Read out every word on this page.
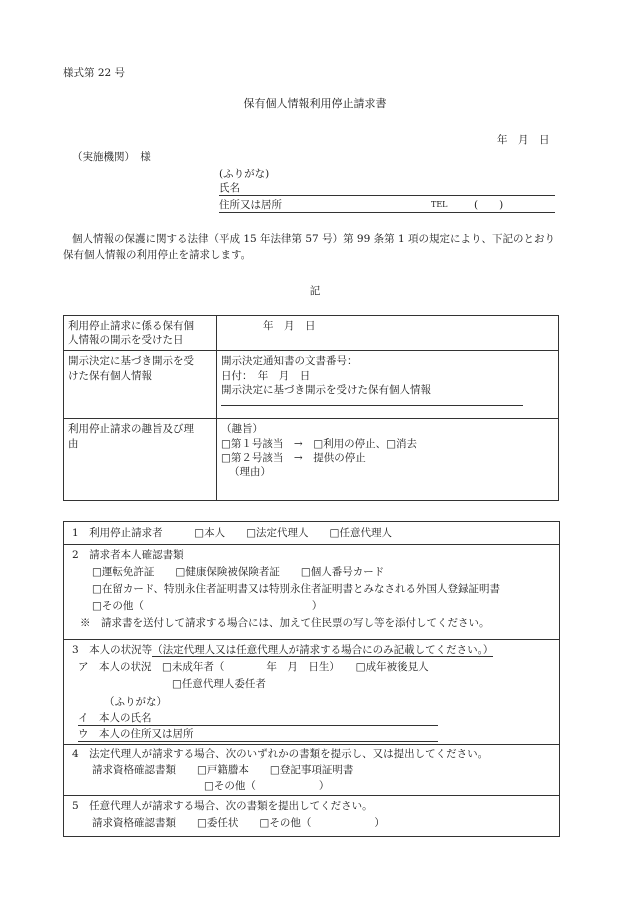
様式第 22 号
保有個人情報利用停止請求書
年　月　日
（実施機関）　様
(ふりがな)
氏名
住所又は居所	TEL	(　　)
個人情報の保護に関する法律（平成 15 年法律第 57 号）第 99 条第 1 項の規定により、下記のとおり
保有個人情報の利用停止を請求します。
記
利用停止請求に係る保有個
人情報の開示を受けた日	年　月　日

開示決定に基づき開示を受
けた保有個人情報	開示決定通知書の文書番号：
日付：　年　月　日
開示決定に基づき開示を受けた保有個人情報

利用停止請求の趣旨及び理
由	（趣旨）
□第１号該当　→　□利用の停止、□消去
□第２号該当　→　提供の停止
（理由）
1　利用停止請求者　　　□本人　　□法定代理人　　□任意代理人
2　請求者本人確認書類
□運転免許証　　□健康保険被保険者証　　□個人番号カード
□在留カード、特別永住者証明書又は特別永住者証明書とみなされる外国人登録証明書
□その他（　　　　　　　　　　　　　　　　）
※　請求書を送付して請求する場合には、加えて住民票の写し等を添付してください。
3　本人の状況等（法定代理人又は任意代理人が請求する場合にのみ記載してください。）
ア　本人の状況　□未成年者（　　　　年　月　日生）　　□成年被後見人
□任意代理人委任者
（ふりがな）
イ　本人の氏名
ウ　本人の住所又は居所
4　法定代理人が請求する場合、次のいずれかの書類を提示し、又は提出してください。
請求資格確認書類　　□戸籍謄本　　□登記事項証明書
□その他（　　　　　　）
5　任意代理人が請求する場合、次の書類を提出してください。
請求資格確認書類　　□委任状　　□その他（　　　　　　）
